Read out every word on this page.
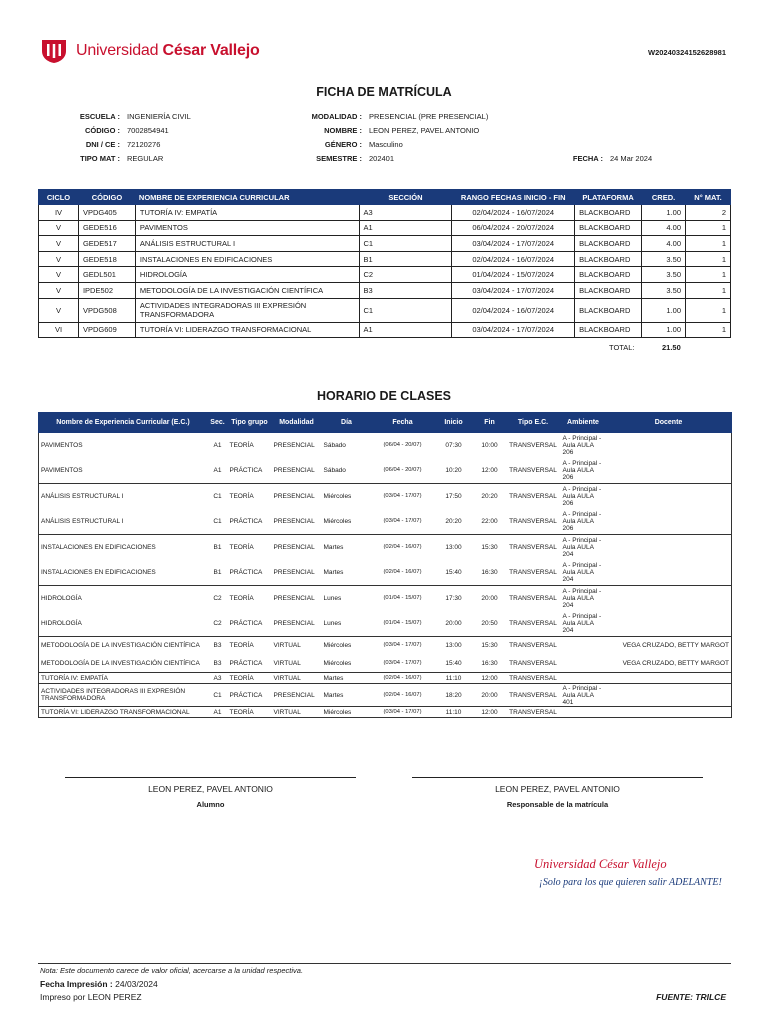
Universidad César Vallejo	W20240324152628981
FICHA DE MATRÍCULA
ESCUELA : INGENIERÍA CIVIL
CÓDIGO : 7002854941
DNI / CE : 72120276
TIPO MAT : REGULAR
MODALIDAD : PRESENCIAL (PRE PRESENCIAL)
NOMBRE : LEON PEREZ, PAVEL ANTONIO
GÉNERO : Masculino
SEMESTRE : 202401	FECHA : 24 Mar 2024
CICLO	CÓDIGO	NOMBRE DE EXPERIENCIA CURRICULAR	SECCIÓN	RANGO FECHAS INICIO - FIN	PLATAFORMA	CRED.	N° MAT.
IV	VPDG405	TUTORÍA IV: EMPATÍA	A3	02/04/2024 - 16/07/2024	BLACKBOARD	1.00	2
V	GEDE516	PAVIMENTOS	A1	06/04/2024 - 20/07/2024	BLACKBOARD	4.00	1
V	GEDE517	ANÁLISIS ESTRUCTURAL I	C1	03/04/2024 - 17/07/2024	BLACKBOARD	4.00	1
V	GEDE518	INSTALACIONES EN EDIFICACIONES	B1	02/04/2024 - 16/07/2024	BLACKBOARD	3.50	1
V	GEDL501	HIDROLOGÍA	C2	01/04/2024 - 15/07/2024	BLACKBOARD	3.50	1
V	IPDE502	METODOLOGÍA DE LA INVESTIGACIÓN CIENTÍFICA	B3	03/04/2024 - 17/07/2024	BLACKBOARD	3.50	1
V	VPDG508	ACTIVIDADES INTEGRADORAS III EXPRESIÓN TRANSFORMADORA	C1	02/04/2024 - 16/07/2024	BLACKBOARD	1.00	1
VI	VPDG609	TUTORÍA VI: LIDERAZGO TRANSFORMACIONAL	A1	03/04/2024 - 17/07/2024	BLACKBOARD	1.00	1
TOTAL:	21.50
HORARIO DE CLASES
Nombre de Experiencia Curricular (E.C.)	Sec.	Tipo grupo	Modalidad	Día	Fecha	Inicio	Fin	Tipo E.C.	Ambiente	Docente
PAVIMENTOS	A1	TEORÍA	PRESENCIAL	Sábado	(06/04 - 20/07)	07:30	10:00	TRANSVERSAL	A - Principal - Aula AULA 206	
PAVIMENTOS	A1	PRÁCTICA	PRESENCIAL	Sábado	(06/04 - 20/07)	10:20	12:00	TRANSVERSAL	A - Principal - Aula AULA 206	
ANÁLISIS ESTRUCTURAL I	C1	TEORÍA	PRESENCIAL	Miércoles	(03/04 - 17/07)	17:50	20:20	TRANSVERSAL	A - Principal - Aula AULA 206	
ANÁLISIS ESTRUCTURAL I	C1	PRÁCTICA	PRESENCIAL	Miércoles	(03/04 - 17/07)	20:20	22:00	TRANSVERSAL	A - Principal - Aula AULA 206	
INSTALACIONES EN EDIFICACIONES	B1	TEORÍA	PRESENCIAL	Martes	(02/04 - 16/07)	13:00	15:30	TRANSVERSAL	A - Principal - Aula AULA 204	
INSTALACIONES EN EDIFICACIONES	B1	PRÁCTICA	PRESENCIAL	Martes	(02/04 - 16/07)	15:40	16:30	TRANSVERSAL	A - Principal - Aula AULA 204	
HIDROLOGÍA	C2	TEORÍA	PRESENCIAL	Lunes	(01/04 - 15/07)	17:30	20:00	TRANSVERSAL	A - Principal - Aula AULA 204	
HIDROLOGÍA	C2	PRÁCTICA	PRESENCIAL	Lunes	(01/04 - 15/07)	20:00	20:50	TRANSVERSAL	A - Principal - Aula AULA 204	
METODOLOGÍA DE LA INVESTIGACIÓN CIENTÍFICA	B3	TEORÍA	VIRTUAL	Miércoles	(03/04 - 17/07)	13:00	15:30	TRANSVERSAL		VEGA CRUZADO, BETTY MARGOT
METODOLOGÍA DE LA INVESTIGACIÓN CIENTÍFICA	B3	PRÁCTICA	VIRTUAL	Miércoles	(03/04 - 17/07)	15:40	16:30	TRANSVERSAL		VEGA CRUZADO, BETTY MARGOT
TUTORÍA IV: EMPATÍA	A3	TEORÍA	VIRTUAL	Martes	(02/04 - 16/07)	11:10	12:00	TRANSVERSAL		
ACTIVIDADES INTEGRADORAS III EXPRESIÓN TRANSFORMADORA	C1	PRÁCTICA	PRESENCIAL	Martes	(02/04 - 16/07)	18:20	20:00	TRANSVERSAL	A - Principal - Aula AULA 401	
TUTORÍA VI: LIDERAZGO TRANSFORMACIONAL	A1	TEORÍA	VIRTUAL	Miércoles	(03/04 - 17/07)	11:10	12:00	TRANSVERSAL		
LEON PEREZ, PAVEL ANTONIO
Alumno
LEON PEREZ, PAVEL ANTONIO
Responsable de la matrícula
Universidad César Vallejo
¡Solo para los que quieren salir ADELANTE!
Nota: Este documento carece de valor oficial, acercarse a la unidad respectiva.
Fecha Impresión : 24/03/2024
Impreso por LEON PEREZ	FUENTE: TRILCE
